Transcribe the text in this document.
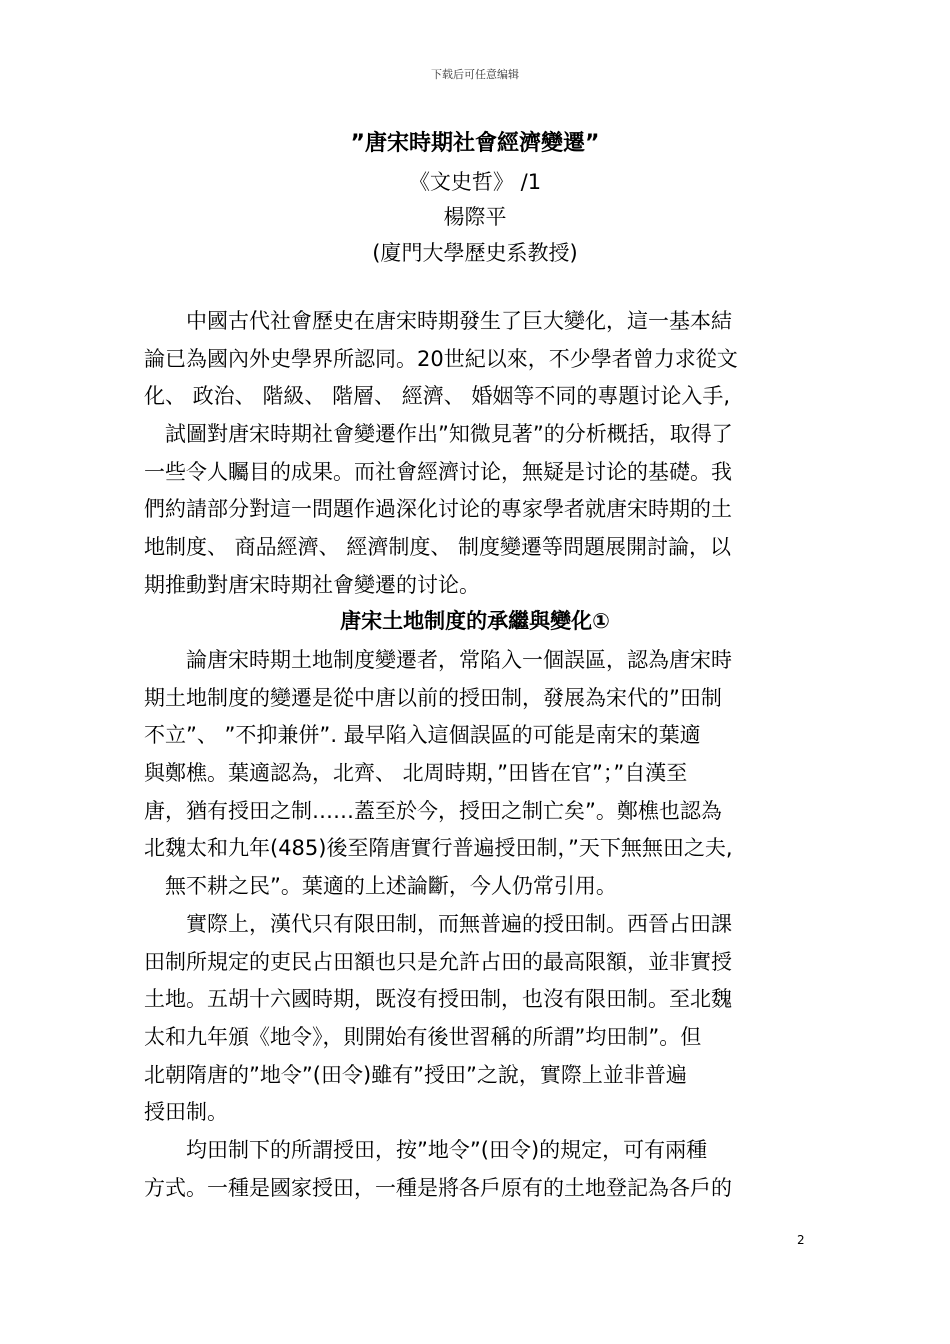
下载后可任意编辑
”唐宋時期社會經濟變遷”
《文史哲》 /1
楊際平
(廈門大學歷史系教授)
　　中國古代社會歷史在唐宋時期發生了巨大變化，這一基本結
論已為國內外史學界所認同。20世紀以來，不少學者曾力求從文
化、 政治、 階級、 階層、 經濟、 婚姻等不同的專題讨论入手,
　試圖對唐宋時期社會變遷作出”知微見著”的分析概括，取得了
一些令人矚目的成果。而社會經濟讨论，無疑是讨论的基礎。我
們約請部分對這一問題作過深化讨论的專家學者就唐宋時期的土
地制度、 商品經濟、 經濟制度、 制度變遷等問題展開討論，以
期推動對唐宋時期社會變遷的讨论。
唐宋土地制度的承繼與變化①
　　論唐宋時期土地制度變遷者，常陷入一個誤區，認為唐宋時
期土地制度的變遷是從中唐以前的授田制，發展為宋代的”田制
不立”、 ”不抑兼併”. 最早陷入這個誤區的可能是南宋的葉適
與鄭樵。葉適認為，北齊、 北周時期，”田皆在官”；”自漢至
唐，猶有授田之制……蓋至於今，授田之制亡矣”。鄭樵也認為
北魏太和九年(485)後至隋唐實行普遍授田制，”天下無無田之夫,
　無不耕之民”。葉適的上述論斷，今人仍常引用。
　　實際上，漢代只有限田制，而無普遍的授田制。西晉占田課
田制所規定的吏民占田額也只是允許占田的最高限額，並非實授
土地。五胡十六國時期，既沒有授田制，也沒有限田制。至北魏
太和九年頒《地令》，則開始有後世習稱的所謂”均田制”。但
北朝隋唐的”地令”(田令)雖有”授田”之說，實際上並非普遍
授田制。
　　均田制下的所謂授田，按”地令”(田令)的規定，可有兩種
方式。一種是國家授田，一種是將各戶原有的土地登記為各戶的
2
